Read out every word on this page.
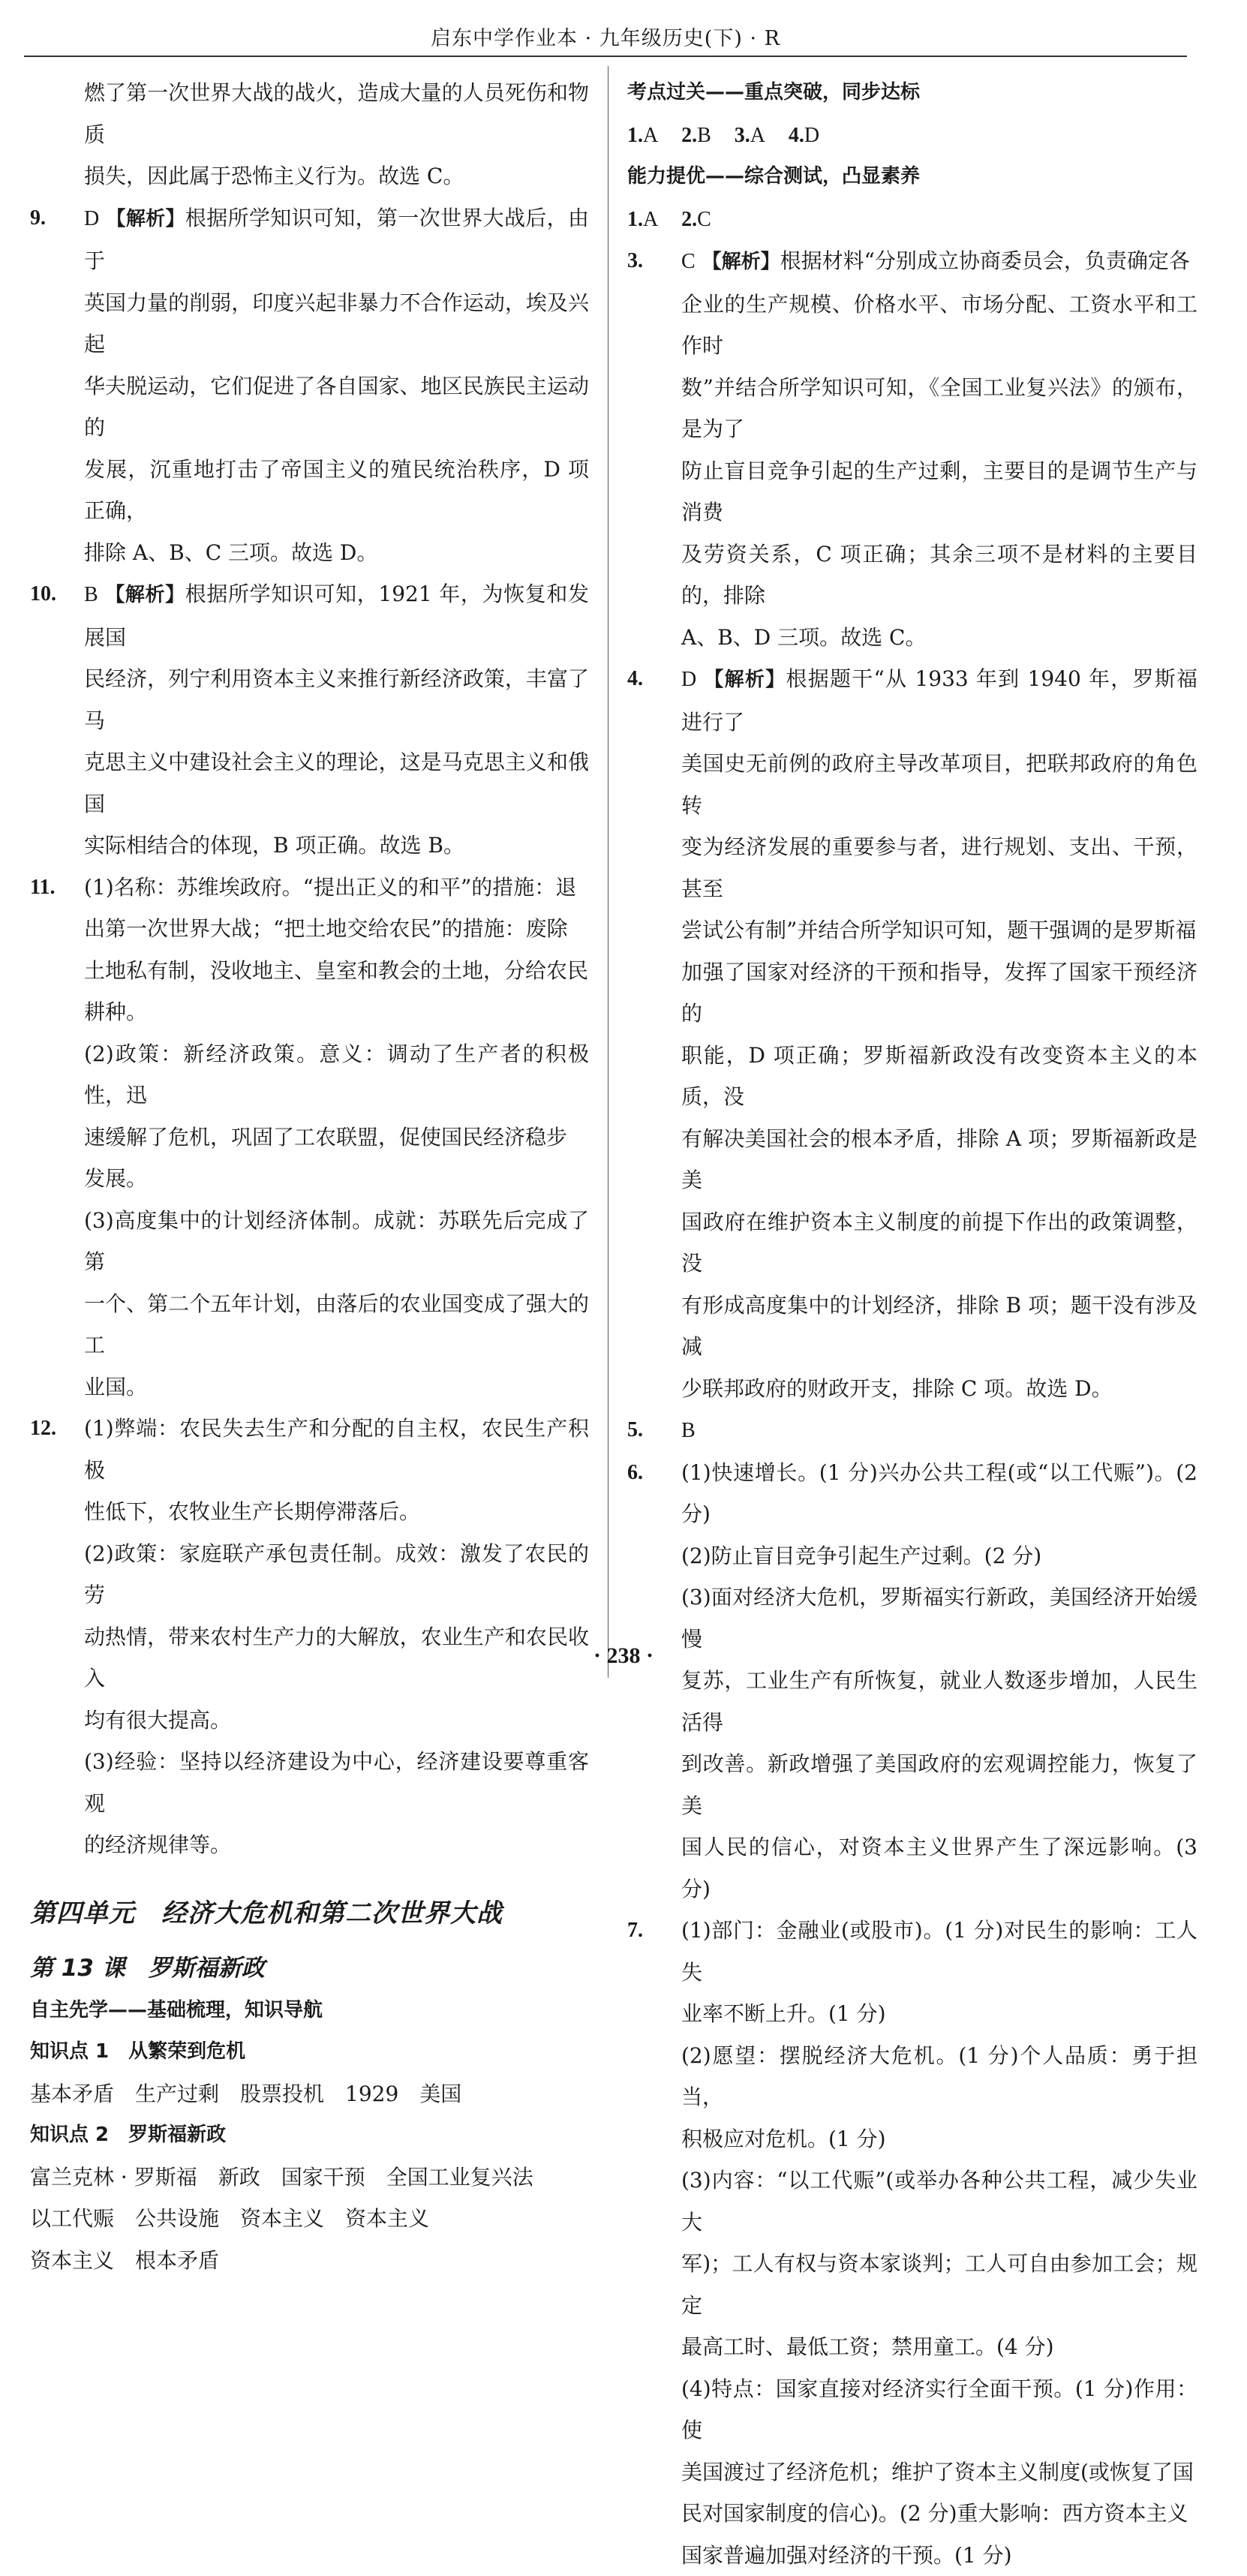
启东中学作业本 · 九年级历史(下) · R

燃了第一次世界大战的战火，造成大量的人员死伤和物质

损失，因此属于恐怖主义行为。故选 C。

9. D 【解析】根据所学知识可知，第一次世界大战后，由于

英国力量的削弱，印度兴起非暴力不合作运动，埃及兴起

华夫脱运动，它们促进了各自国家、地区民族民主运动的

发展，沉重地打击了帝国主义的殖民统治秩序，D 项正确，

排除 A、B、C 三项。故选 D。

10. B 【解析】根据所学知识可知，1921 年，为恢复和发展国

民经济，列宁利用资本主义来推行新经济政策，丰富了马

克思主义中建设社会主义的理论，这是马克思主义和俄国

实际相结合的体现，B 项正确。故选 B。

11. (1)名称：苏维埃政府。“提出正义的和平”的措施：退

出第一次世界大战；“把土地交给农民”的措施：废除

土地私有制，没收地主、皇室和教会的土地，分给农民

耕种。

(2)政策：新经济政策。意义：调动了生产者的积极性，迅

速缓解了危机，巩固了工农联盟，促使国民经济稳步

发展。

(3)高度集中的计划经济体制。成就：苏联先后完成了第

一个、第二个五年计划，由落后的农业国变成了强大的工

业国。

12. (1)弊端：农民失去生产和分配的自主权，农民生产积极

性低下，农牧业生产长期停滞落后。

(2)政策：家庭联产承包责任制。成效：激发了农民的劳

动热情，带来农村生产力的大解放，农业生产和农民收入

均有很大提高。

(3)经验：坚持以经济建设为中心，经济建设要尊重客观

的经济规律等。

第四单元　经济大危机和第二次世界大战

第 13 课　罗斯福新政

自主先学——基础梳理，知识导航

知识点 1　从繁荣到危机

基本矛盾　生产过剩　股票投机　1929　美国

知识点 2　罗斯福新政

富兰克林 · 罗斯福　新政　国家干预　全国工业复兴法

以工代赈　公共设施　资本主义　资本主义

资本主义　根本矛盾

考点过关——重点突破，同步达标

1.A 2.B 3.A 4.D

能力提优——综合测试，凸显素养

1.A 2.C

3. C 【解析】根据材料“分别成立协商委员会，负责确定各

企业的生产规模、价格水平、市场分配、工资水平和工作时

数”并结合所学知识可知，《全国工业复兴法》的颁布，是为了

防止盲目竞争引起的生产过剩，主要目的是调节生产与消费

及劳资关系，C 项正确；其余三项不是材料的主要目的，排除

A、B、D 三项。故选 C。

4. D 【解析】根据题干“从 1933 年到 1940 年，罗斯福进行了

美国史无前例的政府主导改革项目，把联邦政府的角色转

变为经济发展的重要参与者，进行规划、支出、干预，甚至

尝试公有制”并结合所学知识可知，题干强调的是罗斯福

加强了国家对经济的干预和指导，发挥了国家干预经济的

职能，D 项正确；罗斯福新政没有改变资本主义的本质，没

有解决美国社会的根本矛盾，排除 A 项；罗斯福新政是美

国政府在维护资本主义制度的前提下作出的政策调整，没

有形成高度集中的计划经济，排除 B 项；题干没有涉及减

少联邦政府的财政开支，排除 C 项。故选 D。

5. B

6. (1)快速增长。(1 分)兴办公共工程(或“以工代赈”)。(2 分)

(2)防止盲目竞争引起生产过剩。(2 分)

(3)面对经济大危机，罗斯福实行新政，美国经济开始缓慢

复苏，工业生产有所恢复，就业人数逐步增加，人民生活得

到改善。新政增强了美国政府的宏观调控能力，恢复了美

国人民的信心，对资本主义世界产生了深远影响。(3 分)

7. (1)部门：金融业(或股市)。(1 分)对民生的影响：工人失

业率不断上升。(1 分)

(2)愿望：摆脱经济大危机。(1 分)个人品质：勇于担当，

积极应对危机。(1 分)

(3)内容：“以工代赈”(或举办各种公共工程，减少失业大

军)；工人有权与资本家谈判；工人可自由参加工会；规定

最高工时、最低工资；禁用童工。(4 分)

(4)特点：国家直接对经济实行全面干预。(1 分)作用：使

美国渡过了经济危机；维护了资本主义制度(或恢复了国

民对国家制度的信心)。(2 分)重大影响：西方资本主义

国家普遍加强对经济的干预。(1 分)

· 238 ·
